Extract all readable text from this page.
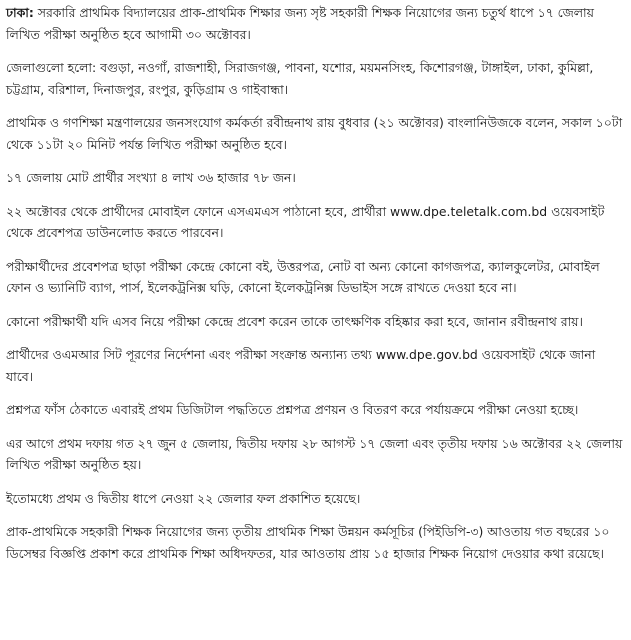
ঢাকা: সরকারি প্রাথমিক বিদ্যালয়ের প্রাক-প্রাথমিক শিক্ষার জন্য সৃষ্ট সহকারী শিক্ষক নিয়োগের জন্য চতুর্থ ধাপে ১৭ জেলায় লিখিত পরীক্ষা অনুষ্ঠিত হবে আগামী ৩০ অক্টোবর।

জেলাগুলো হলো: বগুড়া, নওগাঁ, রাজশাহী, সিরাজগঞ্জ, পাবনা, যশোর, ময়মনসিংহ, কিশোরগঞ্জ, টাঙ্গাইল, ঢাকা, কুমিল্লা, চট্টগ্রাম, বরিশাল, দিনাজপুর, রংপুর, কুড়িগ্রাম ও গাইবান্ধা।

প্রাথমিক ও গণশিক্ষা মন্ত্রণালয়ের জনসংযোগ কর্মকর্তা রবীন্দ্রনাথ রায় বুধবার (২১ অক্টোবর) বাংলানিউজকে বলেন, সকাল ১০টা থেকে ১১টা ২০ মিনিট পর্যন্ত লিখিত পরীক্ষা অনুষ্ঠিত হবে।

১৭ জেলায় মোট প্রার্থীর সংখ্যা ৪ লাখ ৩৬ হাজার ৭৮ জন।

২২ অক্টোবর থেকে প্রার্থীদের মোবাইল ফোনে এসএমএস পাঠানো হবে, প্রার্থীরা www.dpe.teletalk.com.bd ওয়েবসাইট থেকে প্রবেশপত্র ডাউনলোড করতে পারবেন।

পরীক্ষার্থীদের প্রবেশপত্র ছাড়া পরীক্ষা কেন্দ্রে কোনো বই, উত্তরপত্র, নোট বা অন্য কোনো কাগজপত্র, ক্যালকুলেটর, মোবাইল ফোন ও ভ্যানিটি ব্যাগ, পার্স, ইলেকট্রনিক্স ঘড়ি, কোনো ইলেকট্রনিক্স ডিভাইস সঙ্গে রাখতে দেওয়া হবে না।

কোনো পরীক্ষার্থী যদি এসব নিয়ে পরীক্ষা কেন্দ্রে প্রবেশ করেন তাকে তাৎক্ষণিক বহিষ্কার করা হবে, জানান রবীন্দ্রনাথ রায়।

প্রার্থীদের ওএমআর সিট পূরণের নির্দেশনা এবং পরীক্ষা সংক্রান্ত অন্যান্য তথ্য www.dpe.gov.bd ওয়েবসাইট থেকে জানা যাবে।

প্রশ্নপত্র ফাঁস ঠেকাতে এবারই প্রথম ডিজিটাল পদ্ধতিতে প্রশ্নপত্র প্রণয়ন ও বিতরণ করে পর্যায়ক্রমে পরীক্ষা নেওয়া হচ্ছে।

এর আগে প্রথম দফায় গত ২৭ জুন ৫ জেলায়, দ্বিতীয় দফায় ২৮ আগস্ট ১৭ জেলা এবং তৃতীয় দফায় ১৬ অক্টোবর ২২ জেলায় লিখিত পরীক্ষা অনুষ্ঠিত হয়।

ইতোমধ্যে প্রথম ও দ্বিতীয় ধাপে নেওয়া ২২ জেলার ফল প্রকাশিত হয়েছে।

প্রাক-প্রাথমিকে সহকারী শিক্ষক নিয়োগের জন্য তৃতীয় প্রাথমিক শিক্ষা উন্নয়ন কর্মসূচির (পিইডিপি-৩) আওতায় গত বছরের ১০ ডিসেম্বর বিজ্ঞপ্তি প্রকাশ করে প্রাথমিক শিক্ষা অধিদফতর, যার আওতায় প্রায় ১৫ হাজার শিক্ষক নিয়োগ দেওয়ার কথা রয়েছে।
